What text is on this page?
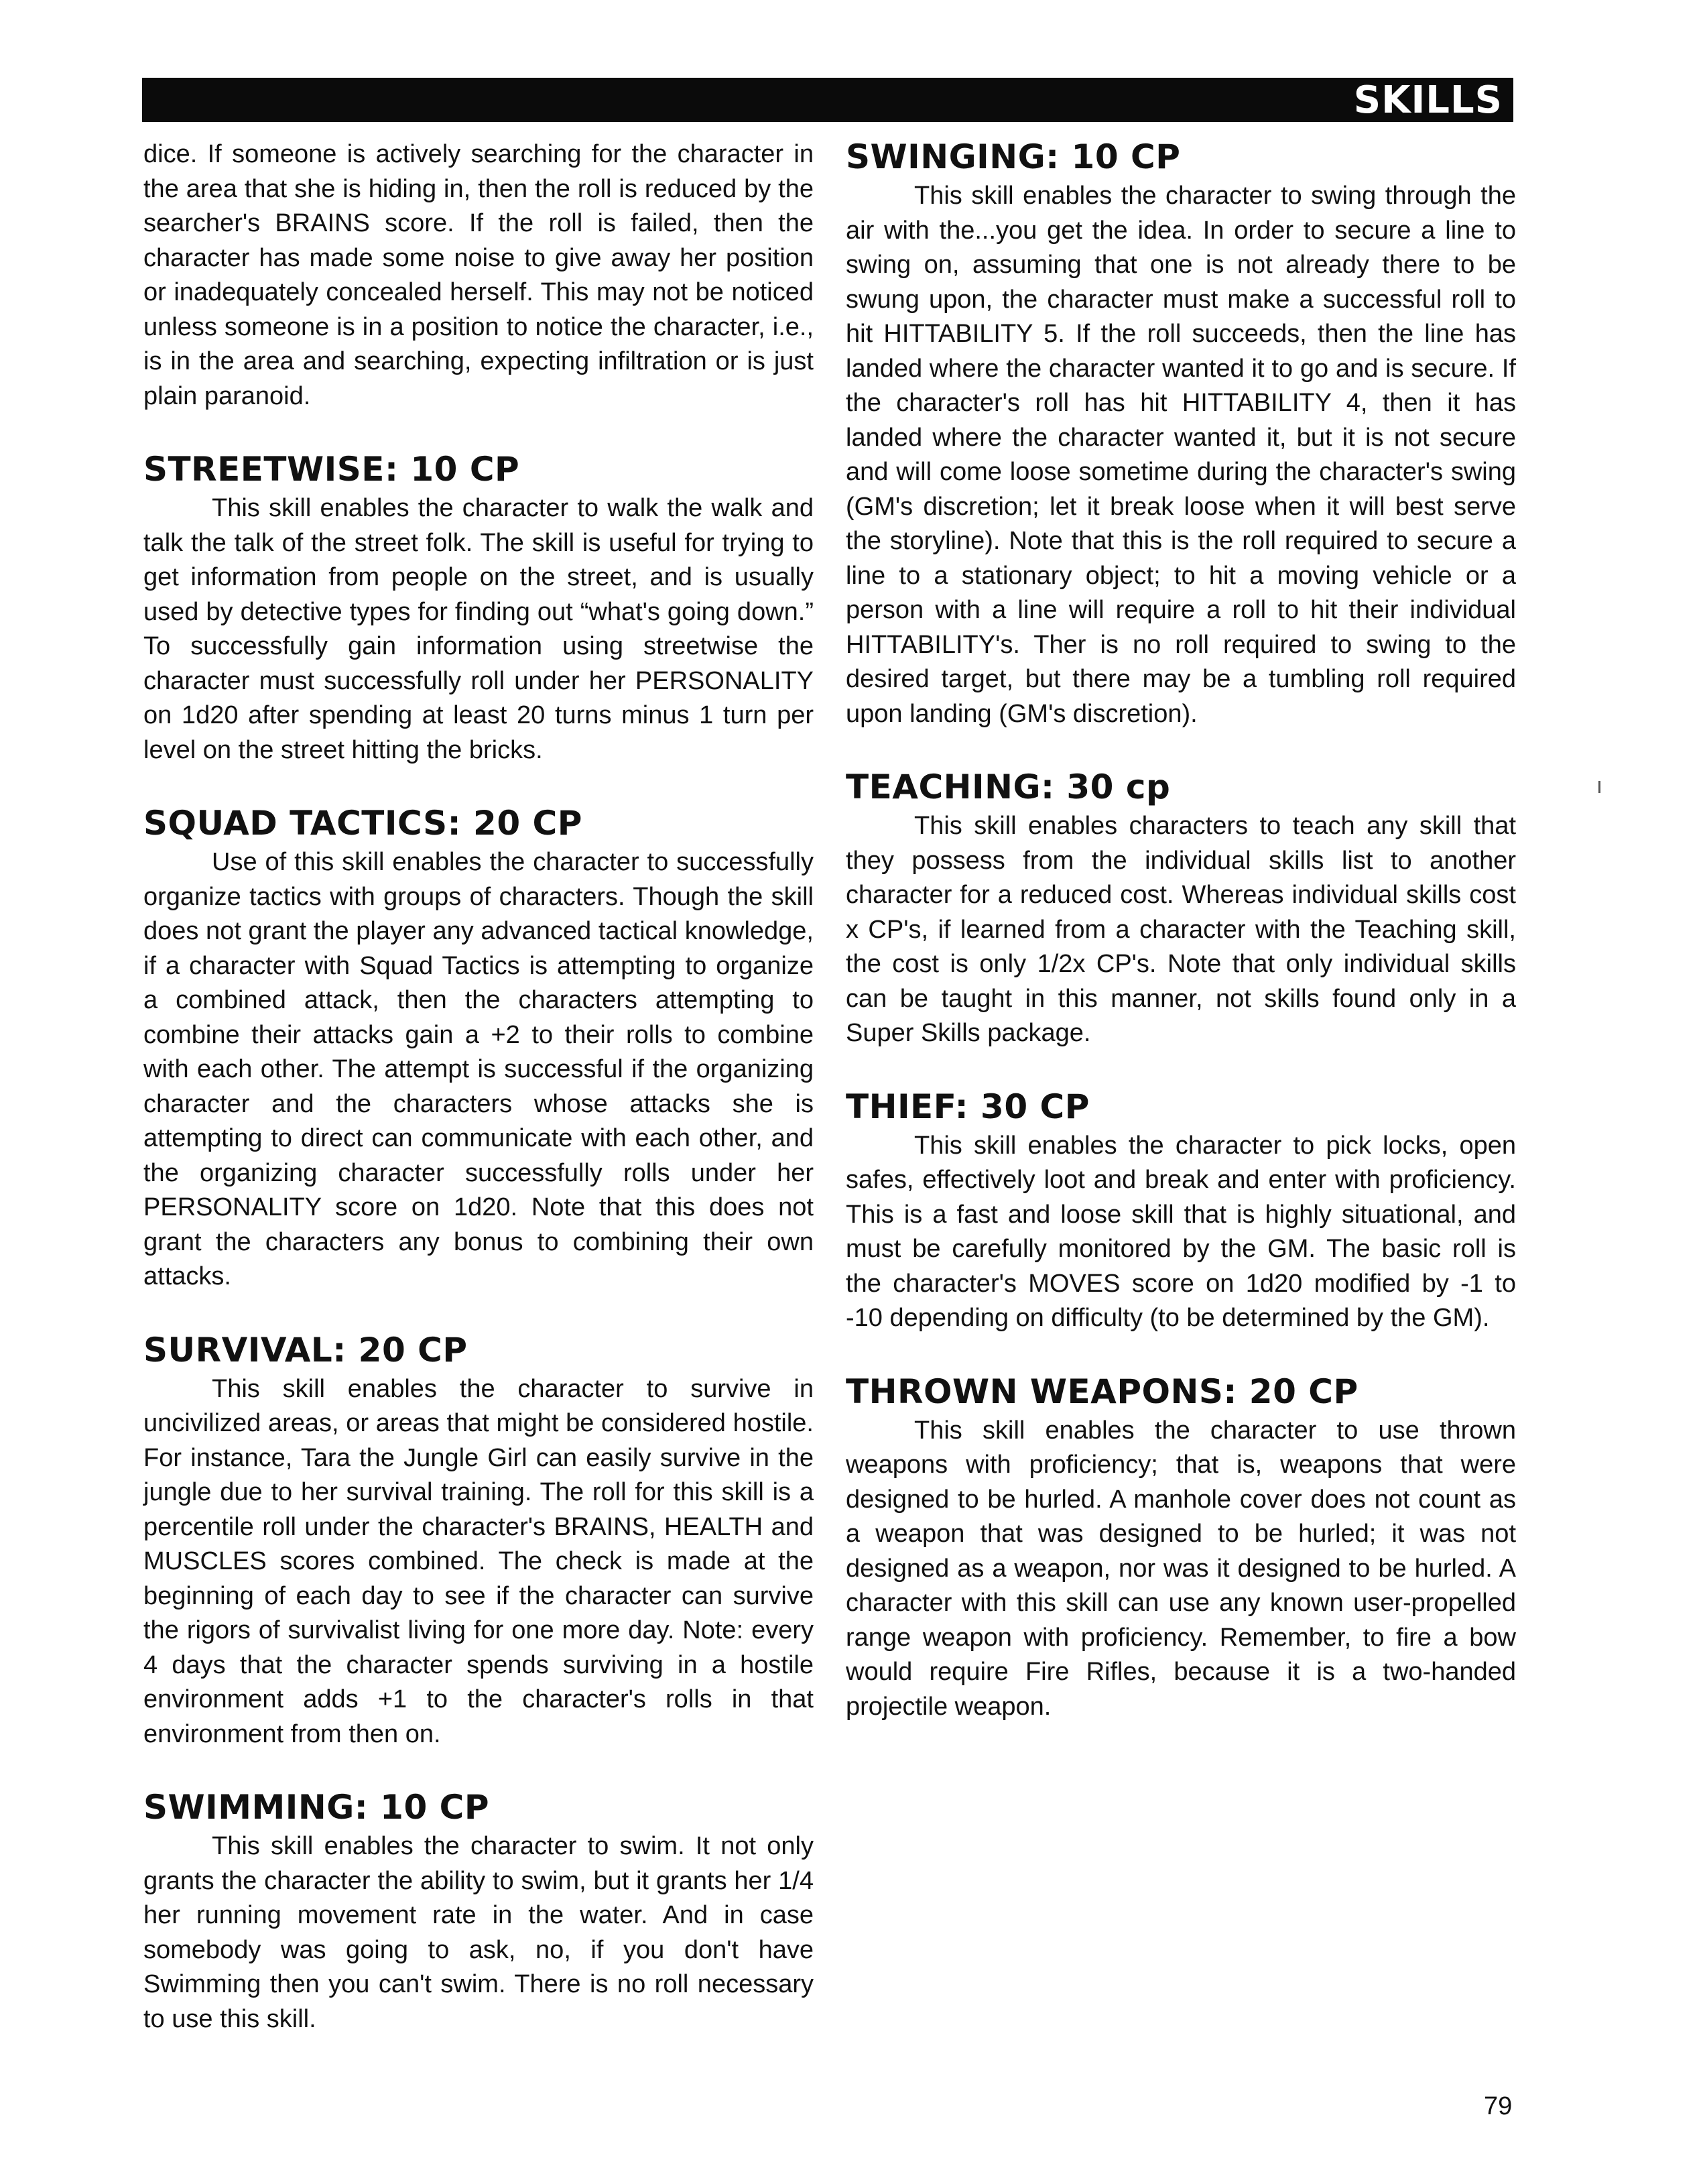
SKILLS

dice. If someone is actively searching for the character in the area that she is hiding in, then the roll is reduced by the searcher's BRAINS score. If the roll is failed, then the character has made some noise to give away her position or inadequately concealed herself. This may not be noticed unless someone is in a position to notice the character, i.e., is in the area and searching, expecting infiltration or is just plain paranoid.

STREETWISE: 10 CP

This skill enables the character to walk the walk and talk the talk of the street folk. The skill is useful for trying to get information from people on the street, and is usually used by detective types for finding out “what's going down.” To successfully gain information using streetwise the character must successfully roll under her PERSONALITY on 1d20 after spending at least 20 turns minus 1 turn per level on the street hitting the bricks.

SQUAD TACTICS: 20 CP

Use of this skill enables the character to successfully organize tactics with groups of characters. Though the skill does not grant the player any advanced tactical knowledge, if a character with Squad Tactics is attempting to organize a combined attack, then the characters attempting to combine their attacks gain a +2 to their rolls to combine with each other. The attempt is successful if the organizing character and the characters whose attacks she is attempting to direct can communicate with each other, and the organizing character successfully rolls under her PERSONALITY score on 1d20. Note that this does not grant the characters any bonus to combining their own attacks.

SURVIVAL: 20 CP

This skill enables the character to survive in uncivilized areas, or areas that might be considered hostile. For instance, Tara the Jungle Girl can easily survive in the jungle due to her survival training. The roll for this skill is a percentile roll under the character's BRAINS, HEALTH and MUSCLES scores combined. The check is made at the beginning of each day to see if the character can survive the rigors of survivalist living for one more day. Note: every 4 days that the character spends surviving in a hostile environment adds +1 to the character's rolls in that environment from then on.

SWIMMING: 10 CP

This skill enables the character to swim. It not only grants the character the ability to swim, but it grants her 1/4 her running movement rate in the water. And in case somebody was going to ask, no, if you don't have Swimming then you can't swim. There is no roll necessary to use this skill.

SWINGING: 10 CP

This skill enables the character to swing through the air with the...you get the idea. In order to secure a line to swing on, assuming that one is not already there to be swung upon, the character must make a successful roll to hit HITTABILITY 5. If the roll succeeds, then the line has landed where the character wanted it to go and is secure. If the character's roll has hit HITTABILITY 4, then it has landed where the character wanted it, but it is not secure and will come loose sometime during the character's swing (GM's discretion; let it break loose when it will best serve the storyline). Note that this is the roll required to secure a line to a stationary object; to hit a moving vehicle or a person with a line will require a roll to hit their individual HITTABILITY's. Ther is no roll required to swing to the desired target, but there may be a tumbling roll required upon landing (GM's discretion).

TEACHING: 30 cp

This skill enables characters to teach any skill that they possess from the individual skills list to another character for a reduced cost. Whereas individual skills cost x CP's, if learned from a character with the Teaching skill, the cost is only 1/2x CP's. Note that only individual skills can be taught in this manner, not skills found only in a Super Skills package.

THIEF: 30 CP

This skill enables the character to pick locks, open safes, effectively loot and break and enter with proficiency. This is a fast and loose skill that is highly situational, and must be carefully monitored by the GM. The basic roll is the character's MOVES score on 1d20 modified by -1 to -10 depending on difficulty (to be determined by the GM).

THROWN WEAPONS: 20 CP

This skill enables the character to use thrown weapons with proficiency; that is, weapons that were designed to be hurled. A manhole cover does not count as a weapon that was designed to be hurled; it was not designed as a weapon, nor was it designed to be hurled. A character with this skill can use any known user-propelled range weapon with proficiency. Remember, to fire a bow would require Fire Rifles, because it is a two-handed projectile weapon.

79
